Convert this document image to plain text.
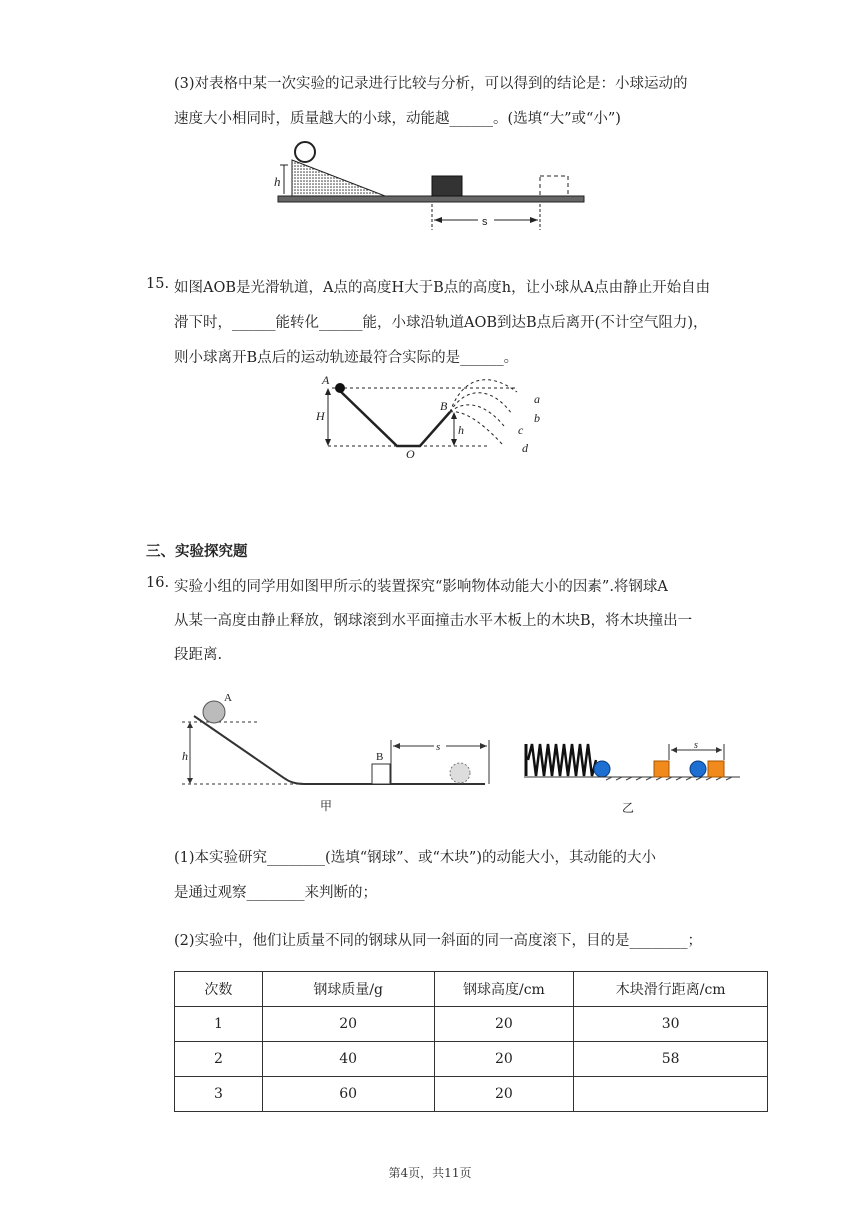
(3)对表格中某一次实验的记录进行比较与分析，可以得到的结论是：小球运动的
速度大小相同时，质量越大的小球，动能越______。(选填“大”或“小”)
h
s
15. 如图AOB是光滑轨道，A点的高度H大于B点的高度h，让小球从A点由静止开始自由
滑下时，______能转化______能，小球沿轨道AOB到达B点后离开(不计空气阻力)，
则小球离开B点后的运动轨迹最符合实际的是______。
A
B
H
h
O
a
b
c
d
三、实验探究题
16. 实验小组的同学用如图甲所示的装置探究“影响物体动能大小的因素”.将钢球A
从某一高度由静止释放，钢球滚到水平面撞击水平木板上的木块B，将木块撞出一
段距离.
A
h	B
s
甲
s
乙
(1)本实验研究________(选填“钢球”、或“木块”)的动能大小，其动能的大小
是通过观察________来判断的；
(2)实验中，他们让质量不同的钢球从同一斜面的同一高度滚下，目的是________；
次数	钢球质量/g	钢球高度/cm	木块滑行距离/cm
1	20	20	30
2	40	20	58
3	60	20	
第4页，共11页
